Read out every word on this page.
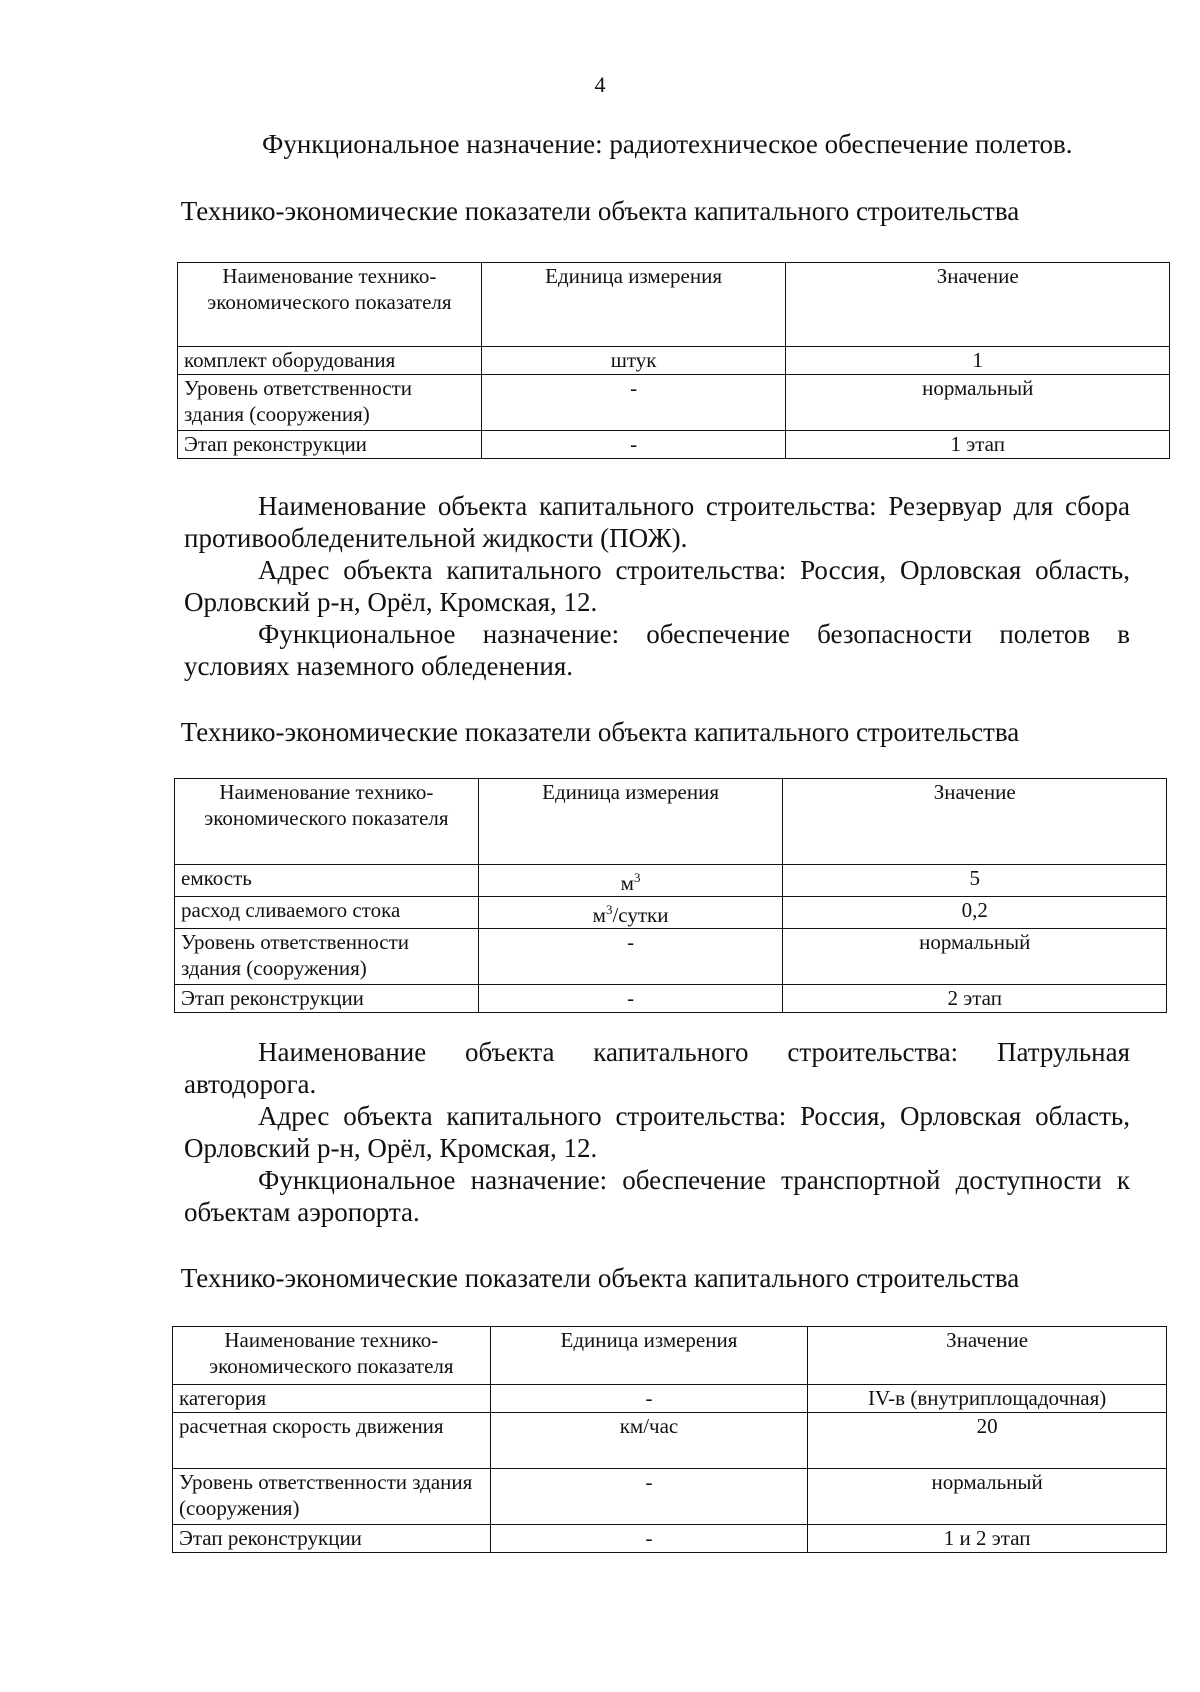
4
Функциональное назначение: радиотехническое обеспечение полетов.
Технико-экономические показатели объекта капитального строительства
Наименование технико-экономического показателя	Единица измерения	Значение
комплект оборудования	штук	1
Уровень ответственности здания (сооружения)	-	нормальный
Этап реконструкции	-	1 этап

Наименование объекта капитального строительства: Резервуар для сбора противообледенительной жидкости (ПОЖ).

Адрес объекта капитального строительства: Россия, Орловская область, Орловский р-н, Орёл, Кромская, 12.

Функциональное назначение: обеспечение безопасности полетов в условиях наземного обледенения.

Технико-экономические показатели объекта капитального строительства
Наименование технико-экономического показателя	Единица измерения	Значение
емкость	$м^3$	5
расход сливаемого стока	$м^3$/сутки	0,2
Уровень ответственности здания (сооружения)	-	нормальный
Этап реконструкции	-	2 этап

Наименование объекта капитального строительства: Патрульная автодорога.

Адрес объекта капитального строительства: Россия, Орловская область, Орловский р-н, Орёл, Кромская, 12.

Функциональное назначение: обеспечение транспортной доступности к объектам аэропорта.

Технико-экономические показатели объекта капитального строительства
Наименование технико-экономического показателя	Единица измерения	Значение
категория	-	IV-в (внутриплощадочная)
расчетная скорость движения	км/час	20
Уровень ответственности здания (сооружения)	-	нормальный
Этап реконструкции	-	1 и 2 этап
